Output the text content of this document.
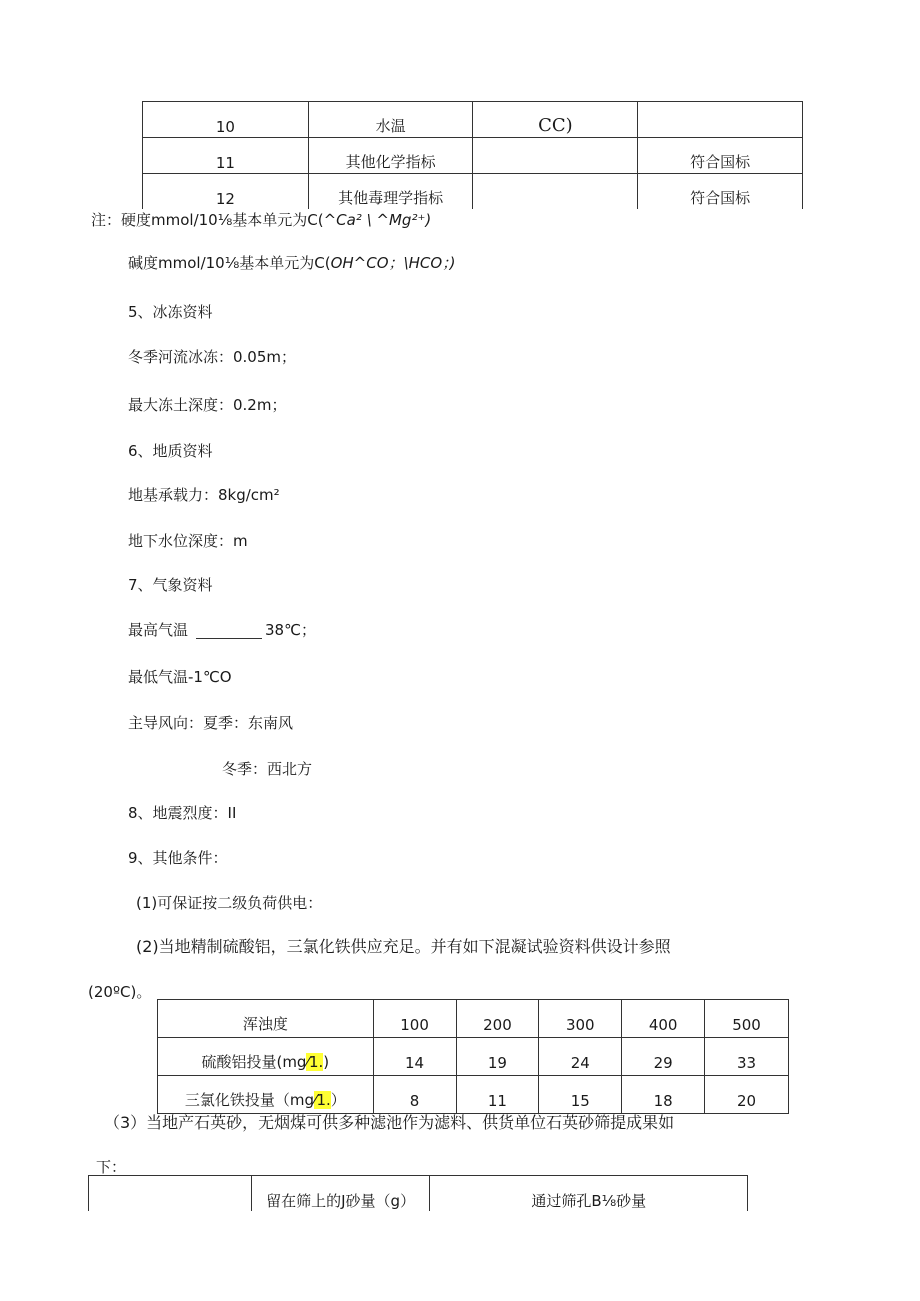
10	水温	CC)	
11	其他化学指标		符合国标
12	其他毒理学指标		符合国标
注：硬度mmol/10⅛基本单元为C(^Ca² \ ^Mg²⁺)
碱度mmol/10⅛基本单元为C(OH^CO；\HCO；)
5、冰冻资料
冬季河流冰冻：0.05m；
最大冻土深度：0.2m；
6、地质资料
地基承载力：8kg∕cm²
地下水位深度：m
7、气象资料
最高气温	38℃；
最低气温-1℃O
主导风向：夏季：东南风
冬季：西北方
8、地震烈度：II
9、其他条件：
(1)可保证按二级负荷供电：
(2)当地精制硫酸铝，三氯化铁供应充足。并有如下混凝试验资料供设计参照
(20ºC)。
浑浊度	100	200	300	400	500
硫酸铝投量(mg⁄1.)	14	19	24	29	33
三氯化铁投量（mg⁄1.）	8	11	15	18	20
（3）当地产石英砂，无烟煤可供多种滤池作为滤料、供货单位石英砂筛提成果如
下：
	留在筛上的J砂量（g）	通过筛孔B⅛砂量
